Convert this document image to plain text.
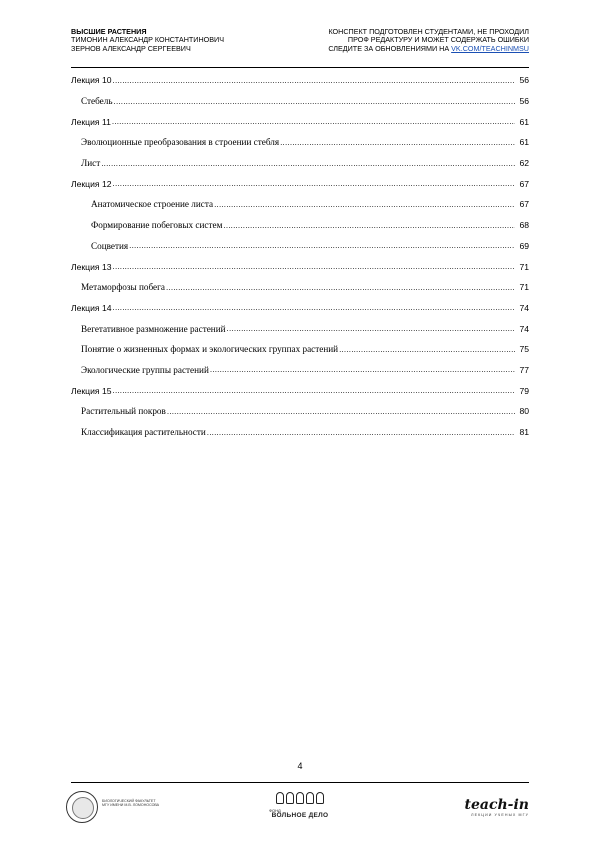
ВЫСШИЕ РАСТЕНИЯ
ТИМОНИН АЛЕКСАНДР КОНСТАНТИНОВИЧ
ЗЕРНОВ АЛЕКСАНДР СЕРГЕЕВИЧ
КОНСПЕКТ ПОДГОТОВЛЕН СТУДЕНТАМИ, НЕ ПРОХОДИЛ
ПРОФ РЕДАКТУРУ И МОЖЕТ СОДЕРЖАТЬ ОШИБКИ
СЛЕДИТЕ ЗА ОБНОВЛЕНИЯМИ НА VK.COM/TEACHINMSU
Лекция 10 .....	56
Стебель .....	56
Лекция 11 .....	61
Эволюционные преобразования в строении стебля .....	61
Лист .....	62
Лекция 12 .....	67
Анатомическое строение листа .....	67
Формирование побеговых систем .....	68
Соцветия .....	69
Лекция 13 .....	71
Метаморфозы побега .....	71
Лекция 14 .....	74
Вегетативное размножение растений .....	74
Понятие о жизненных формах и экологических группах растений .....	75
Экологические группы растений .....	77
Лекция 15 .....	79
Растительный покров .....	80
Классификация растительности .....	81
4
БИОЛОГИЧЕСКИЙ ФАКУЛЬТЕТ МГУ ИМЕНИ М.В. ЛОМОНОСОВА
ФОНД
ВОЛЬНОЕ ДЕЛО
teach-in
ЛЕКЦИИ УЧЕНЫХ МГУ
